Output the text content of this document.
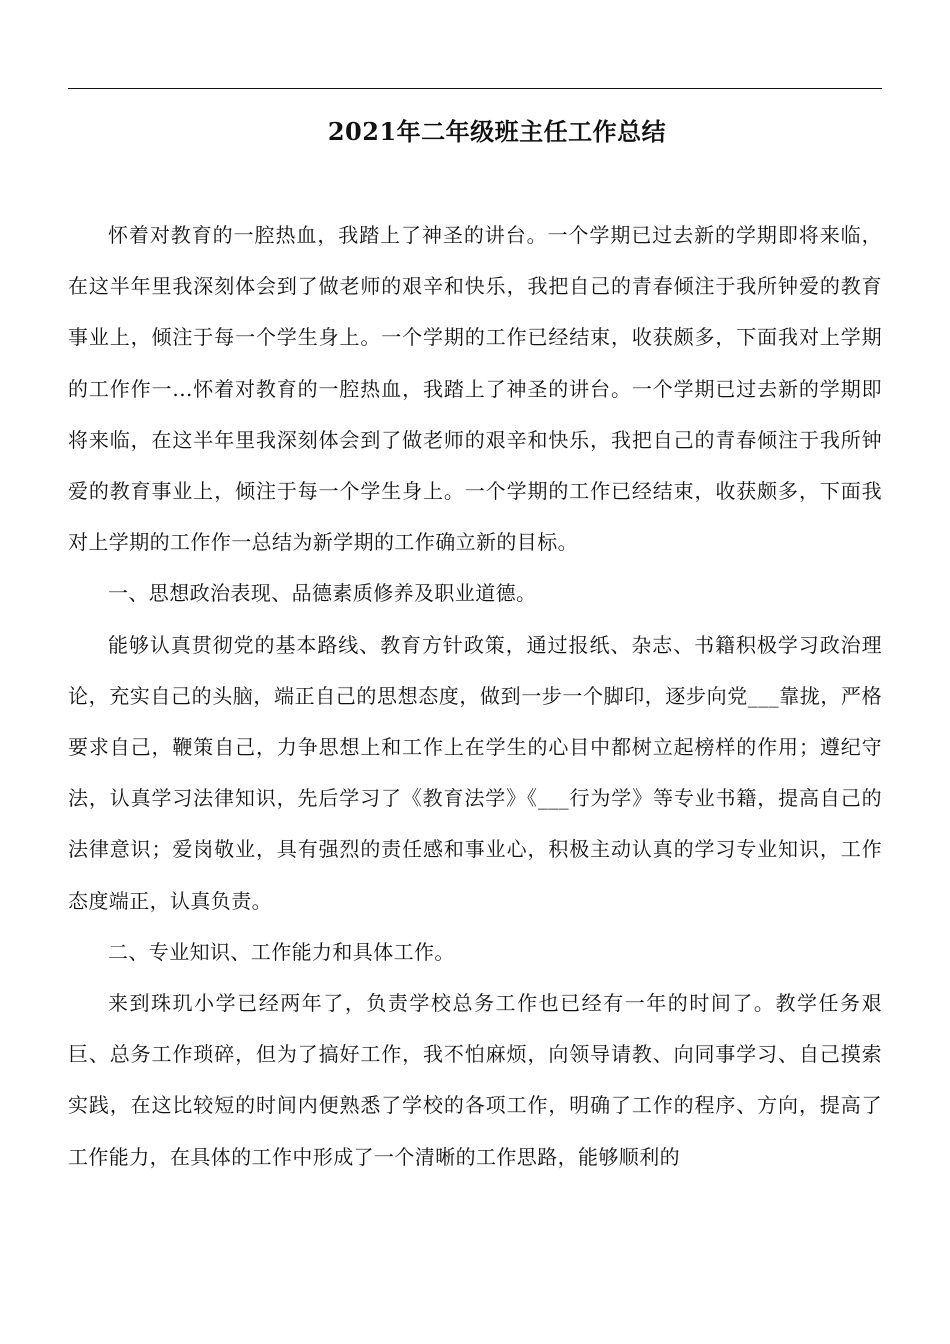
2021年二年级班主任工作总结

怀着对教育的一腔热血，我踏上了神圣的讲台。一个学期已过去新的学期即将来临，在这半年里我深刻体会到了做老师的艰辛和快乐，我把自己的青春倾注于我所钟爱的教育事业上，倾注于每一个学生身上。一个学期的工作已经结束，收获颇多，下面我对上学期的工作作一...怀着对教育的一腔热血，我踏上了神圣的讲台。一个学期已过去新的学期即将来临，在这半年里我深刻体会到了做老师的艰辛和快乐，我把自己的青春倾注于我所钟爱的教育事业上，倾注于每一个学生身上。一个学期的工作已经结束，收获颇多，下面我对上学期的工作作一总结为新学期的工作确立新的目标。

一、思想政治表现、品德素质修养及职业道德。

能够认真贯彻党的基本路线、教育方针政策，通过报纸、杂志、书籍积极学习政治理论，充实自己的头脑，端正自己的思想态度，做到一步一个脚印，逐步向党___靠拢，严格要求自己，鞭策自己，力争思想上和工作上在学生的心目中都树立起榜样的作用；遵纪守法，认真学习法律知识，先后学习了《教育法学》《___行为学》等专业书籍，提高自己的法律意识；爱岗敬业，具有强烈的责任感和事业心，积极主动认真的学习专业知识，工作态度端正，认真负责。

二、专业知识、工作能力和具体工作。

来到珠玑小学已经两年了，负责学校总务工作也已经有一年的时间了。教学任务艰巨、总务工作琐碎，但为了搞好工作，我不怕麻烦，向领导请教、向同事学习、自己摸索实践，在这比较短的时间内便熟悉了学校的各项工作，明确了工作的程序、方向，提高了工作能力，在具体的工作中形成了一个清晰的工作思路，能够顺利的
